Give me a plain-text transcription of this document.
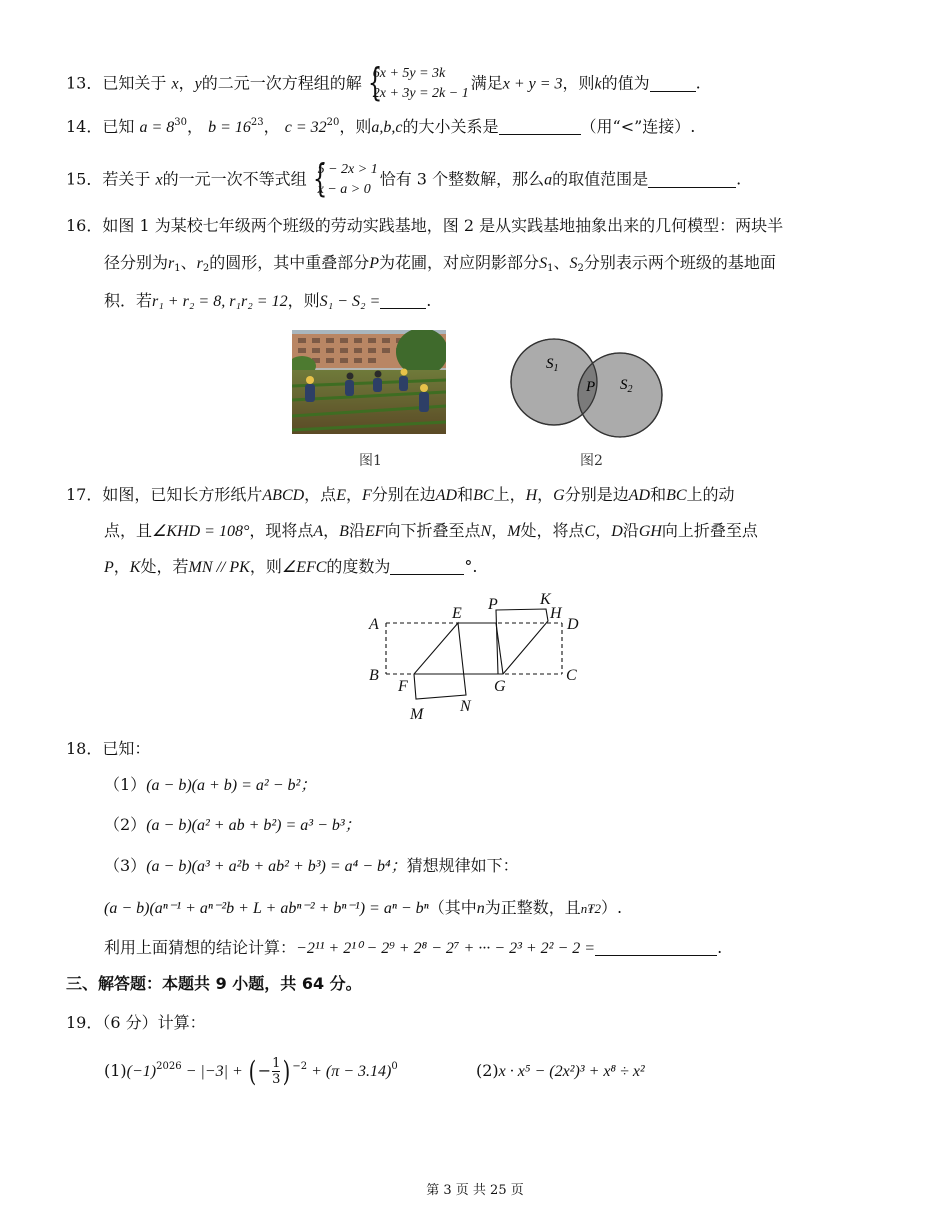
13．已知关于 x，y的二元一次方程组的解 {
6x + 5y = 3k
2x + 3y = 2k − 1
满足x + y = 3，则k的值为	.
14．已知 $a = 8^{30}$， $b = 16^{23}$， $c = 32^{20}$，则a,b,c的大小关系是	（用“<”连接）.
15．若关于 x的一元一次不等式组 {
5 − 2x > 1
x − a > 0
恰有 3 个整数解，那么a的取值范围是	.
16．如图 1 为某校七年级两个班级的劳动实践基地，图 2 是从实践基地抽象出来的几何模型：两块半
径分别为$r_1$、$r_2$的圆形，其中重叠部分P为花圃，对应阴影部分$S_1$、$S_2$分别表示两个班级的基地面
积．若r₁ + r₂ = 8, r₁r₂ = 12，则S₁ − S₂ =	.
图1
$S_1$
P $S_2$
图2
17．如图，已知长方形纸片ABCD，点E，F分别在边AD和BC上，H，G分别是边AD和BC上的动
点，且∠KHD = 108°，现将点A，B沿EF向下折叠至点N，M处，将点C，D沿GH向上折叠至点
P，K处，若MN // PK，则∠EFC的度数为	°.
A
B	C
D
E
F	G
H
K
M N
P
18．已知：
（1）(a − b)(a + b) = a² − b²；
（2）(a − b)(a² + ab + b²) = a³ − b³；
（3）(a − b)(a³ + a²b + ab² + b³) = a⁴ − b⁴；猜想规律如下：
(a − b)(aⁿ⁻¹ + aⁿ⁻²b + L + abⁿ⁻² + bⁿ⁻¹) = aⁿ − bⁿ（其中n为正整数，且n₮2）.
利用上面猜想的结论计算：−2¹¹ + 2¹⁰ − 2⁹ + 2⁸ − 2⁷ + ··· − 2³ + 2² − 2 =	.
三、解答题：本题共 9 小题，共 64 分。
19．（6 分）计算：
$(1)(-1)^{2026} - |-3|$ + ( − $\frac{1}{3}$ ) $^{-2} + (\pi - 3.14)^0$	(2)x · x⁵ − (2x²)³ + x⁸ ÷ x²
第 3 页 共 25 页
